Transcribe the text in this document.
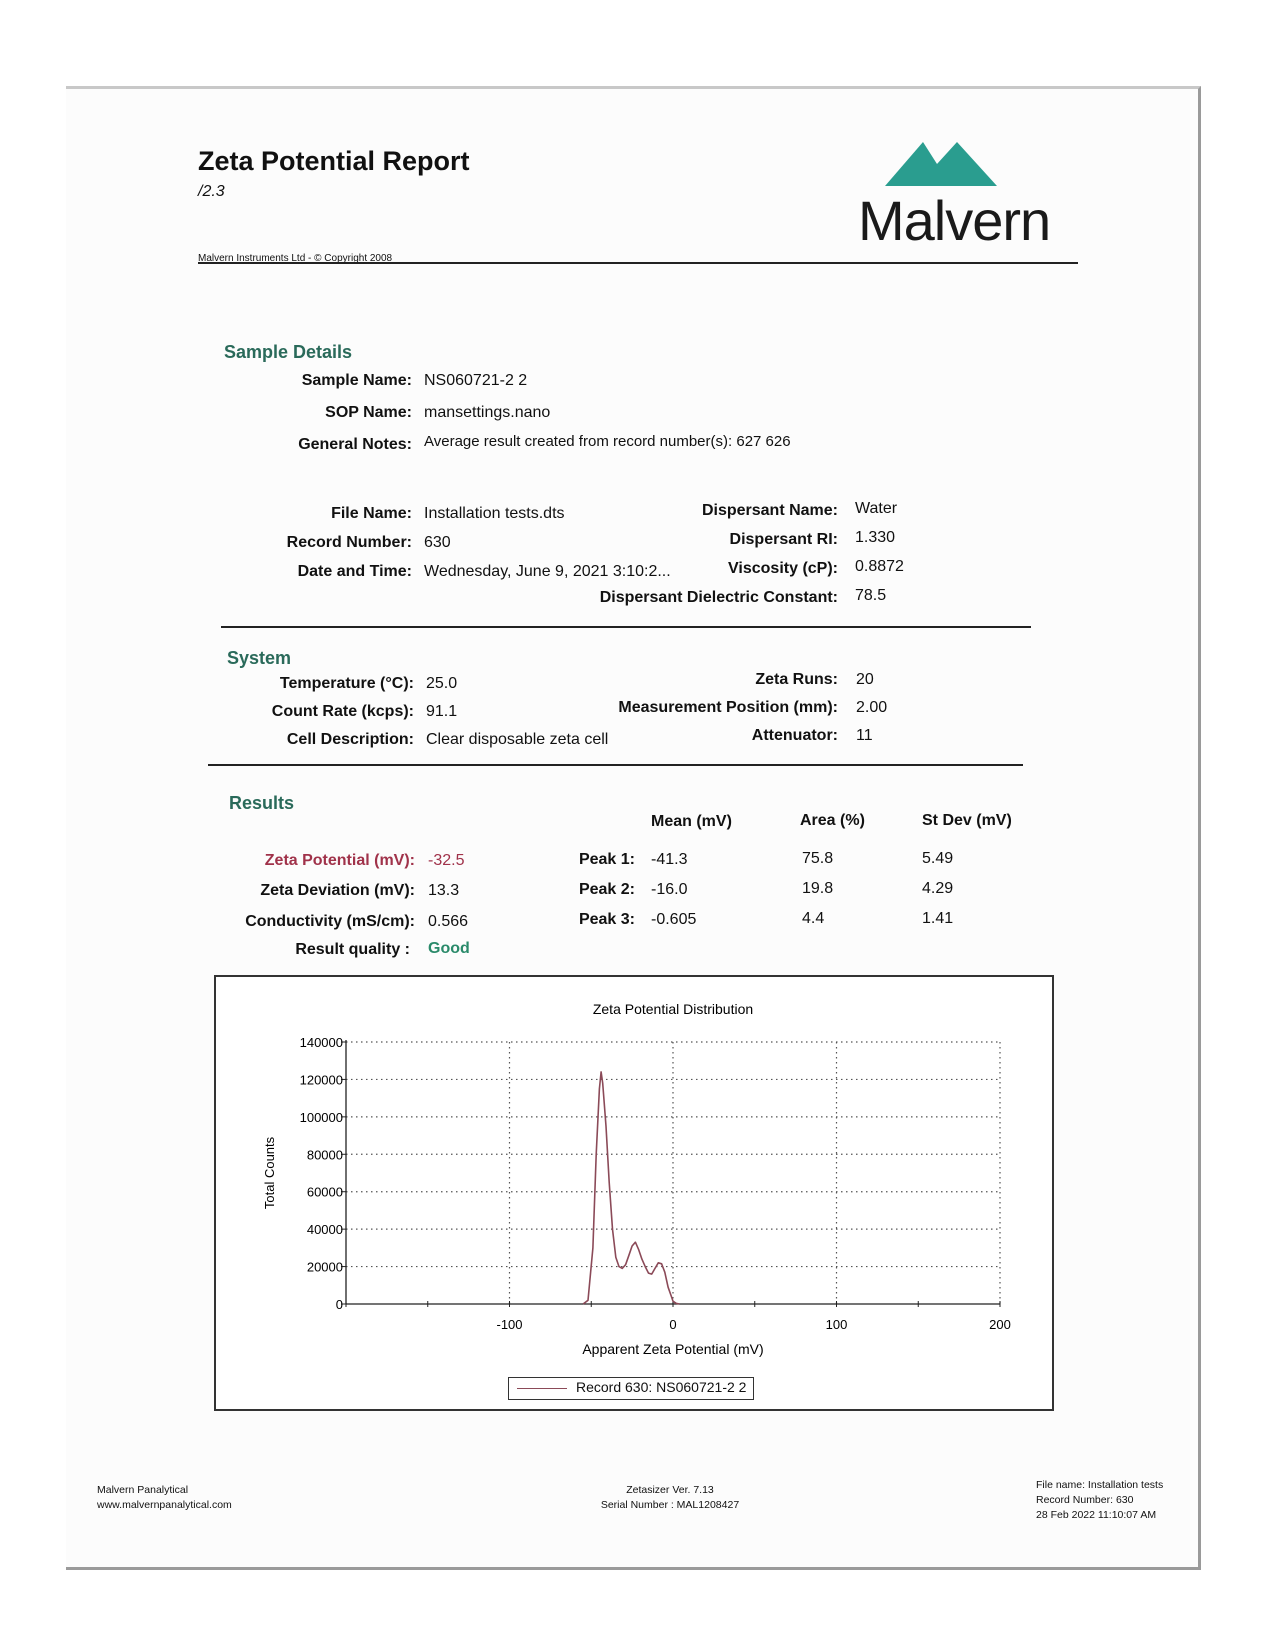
Zeta Potential Report
/2.3
Malvern Instruments Ltd - © Copyright 2008
Malvern
Sample Details
Sample Name: NS060721-2 2
SOP Name: mansettings.nano
General Notes: Average result created from record number(s): 627 626
File Name: Installation tests.dts
Record Number: 630
Date and Time: Wednesday, June 9, 2021 3:10:2...
Dispersant Name: Water
Dispersant RI: 1.330
Viscosity (cP): 0.8872
Dispersant Dielectric Constant: 78.5
System
Temperature (°C): 25.0
Count Rate (kcps): 91.1
Cell Description: Clear disposable zeta cell
Zeta Runs: 20
Measurement Position (mm): 2.00
Attenuator: 11
Results
Mean (mV)	Area (%)	St Dev (mV)
Zeta Potential (mV): -32.5
Zeta Deviation (mV): 13.3
Conductivity (mS/cm): 0.566
Result quality : Good
Peak 1: -41.3	75.8	5.49
Peak 2: -16.0	19.8	4.29
Peak 3: -0.605	4.4	1.41
Zeta Potential Distribution
0
20000
40000
60000
80000
100000
120000
140000
-100	0	100	200
Apparent Zeta Potential (mV)
Total Counts
Record 630: NS060721-2 2
Malvern Panalytical
www.malvernpanalytical.com
Zetasizer Ver. 7.13
Serial Number : MAL1208427
File name: Installation tests
Record Number: 630
28 Feb 2022 11:10:07 AM
